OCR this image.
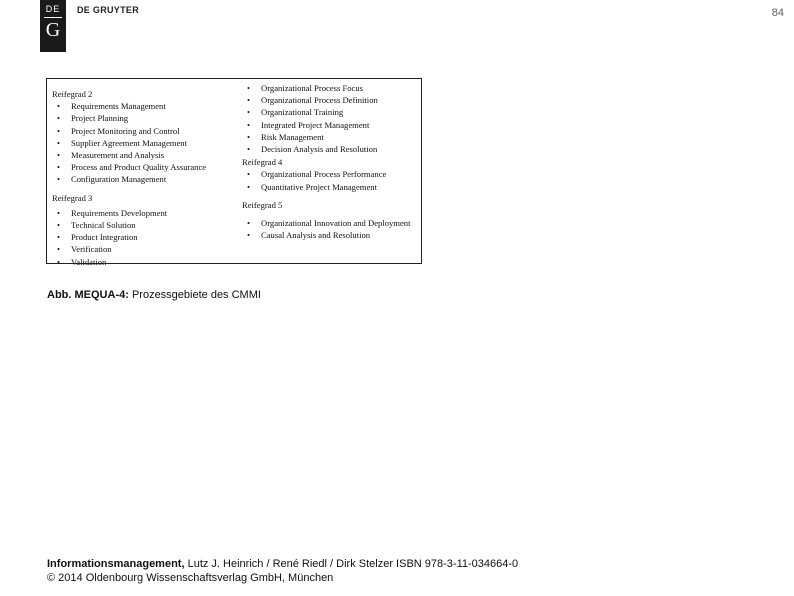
DE
G
DE GRUYTER	84
Reifegrad 2
• Requirements Management
• Project Planning
• Project Monitoring and Control
• Supplier Agreement Management
• Measurement and Analysis
• Process and Product Quality Assurance
• Configuration Management
Reifegrad 3
• Requirements Development
• Technical Solution
• Product Integration
• Verification
• Validation
• Organizational Process Focus
• Organizational Process Definition
• Organizational Training
• Integrated Project Management
• Risk Management
• Decision Analysis and Resolution
Reifegrad 4
• Organizational Process Performance
• Quantitative Project Management
Reifegrad 5
• Organizational Innovation and Deployment
• Causal Analysis and Resolution
Abb. MEQUA-4: Prozessgebiete des CMMI
Informationsmanagement, Lutz J. Heinrich / René Riedl / Dirk Stelzer ISBN 978-3-11-034664-0
© 2014 Oldenbourg Wissenschaftsverlag GmbH, München
